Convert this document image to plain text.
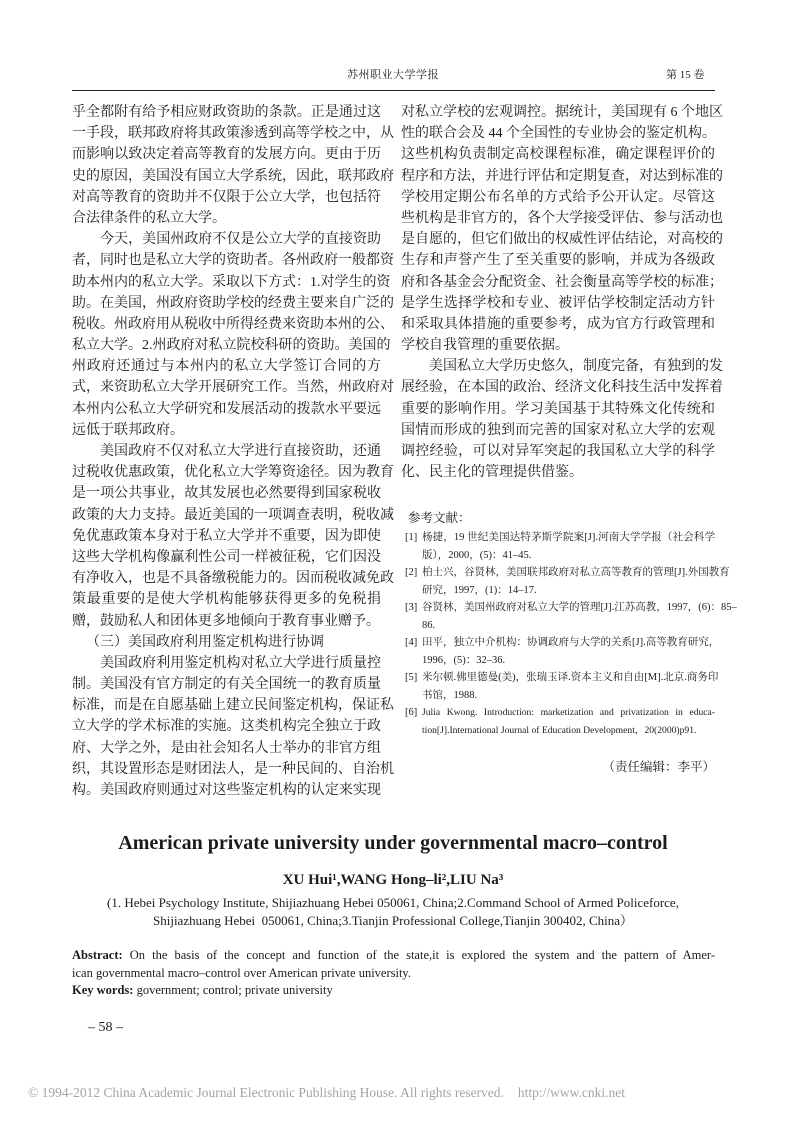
苏州职业大学学报	第 15 卷
乎全都附有给予相应财政资助的条款。正是通过这
一手段，联邦政府将其政策渗透到高等学校之中，从
而影响以致决定着高等教育的发展方向。更由于历
史的原因，美国没有国立大学系统，因此，联邦政府
对高等教育的资助并不仅限于公立大学，也包括符
合法律条件的私立大学。
今天，美国州政府不仅是公立大学的直接资助
者，同时也是私立大学的资助者。各州政府一般都资
助本州内的私立大学。采取以下方式：1.对学生的资
助。在美国，州政府资助学校的经费主要来自广泛的
税收。州政府用从税收中所得经费来资助本州的公、
私立大学。2.州政府对私立院校科研的资助。美国的
州政府还通过与本州内的私立大学签订合同的方
式，来资助私立大学开展研究工作。当然，州政府对
本州内公私立大学研究和发展活动的拨款水平要远
远低于联邦政府。
美国政府不仅对私立大学进行直接资助，还通
过税收优惠政策，优化私立大学筹资途径。因为教育
是一项公共事业，故其发展也必然要得到国家税收
政策的大力支持。最近美国的一项调查表明，税收减
免优惠政策本身对于私立大学并不重要，因为即使
这些大学机构像赢利性公司一样被征税，它们因没
有净收入，也是不具备缴税能力的。因而税收减免政
策最重要的是使大学机构能够获得更多的免税捐
赠，鼓励私人和团体更多地倾向于教育事业赠予。
（三）美国政府利用鉴定机构进行协调
美国政府利用鉴定机构对私立大学进行质量控
制。美国没有官方制定的有关全国统一的教育质量
标准，而是在自愿基础上建立民间鉴定机构，保证私
立大学的学术标准的实施。这类机构完全独立于政
府、大学之外，是由社会知名人士举办的非官方组
织，其设置形态是财团法人，是一种民间的、自治机
构。美国政府则通过对这些鉴定机构的认定来实现
对私立学校的宏观调控。据统计，美国现有 6 个地区
性的联合会及 44 个全国性的专业协会的鉴定机构。
这些机构负责制定高校课程标准，确定课程评价的
程序和方法，并进行评估和定期复查，对达到标准的
学校用定期公布名单的方式给予公开认定。尽管这
些机构是非官方的，各个大学接受评估、参与活动也
是自愿的，但它们做出的权威性评估结论，对高校的
生存和声誉产生了至关重要的影响，并成为各级政
府和各基金会分配资金、社会衡量高等学校的标准；
是学生选择学校和专业、被评估学校制定活动方针
和采取具体措施的重要参考，成为官方行政管理和
学校自我管理的重要依据。
美国私立大学历史悠久，制度完备，有独到的发
展经验，在本国的政治、经济文化科技生活中发挥着
重要的影响作用。学习美国基于其特殊文化传统和
国情而形成的独到而完善的国家对私立大学的宏观
调控经验，可以对异军突起的我国私立大学的科学
化、民主化的管理提供借鉴。
参考文献：
[1] 杨捷，19 世纪美国达特茅斯学院案[J].河南大学学报（社会科学
版），2000，(5)：41–45.
[2] 柏士兴，谷贤林，美国联邦政府对私立高等教育的管理[J].外国教育
研究，1997，(1)：14–17.
[3] 谷贤林，美国州政府对私立大学的管理[J].江苏高教，1997，(6)：85–
86.
[4] 田平，独立中介机构：协调政府与大学的关系[J].高等教育研究，
1996，(5)：32–36.
[5] 米尔顿.佛里德曼(美)，张瑞玉译.资本主义和自由[M].北京.商务印
书馆，1988.
[6] Julia Kwong. Introduction: marketization and privatization in educa-
tion[J].International Journal of Education Development，20(2000)p91.
（责任编辑：李平）
American private university under governmental macro–control
XU Hui¹,WANG Hong–li²,LIU Na³
(1. Hebei Psychology Institute, Shijiazhuang Hebei 050061, China;2.Command School of Armed Policeforce,
Shijiazhuang Hebei  050061, China;3.Tianjin Professional College,Tianjin 300402, China）
Abstract: On the basis of the concept and function of the state,it is explored the system and the pattern of Amer-
ican governmental macro–control over American private university.
Key words: government; control; private university
– 58 –
© 1994-2012 China Academic Journal Electronic Publishing House. All rights reserved. http://www.cnki.net
